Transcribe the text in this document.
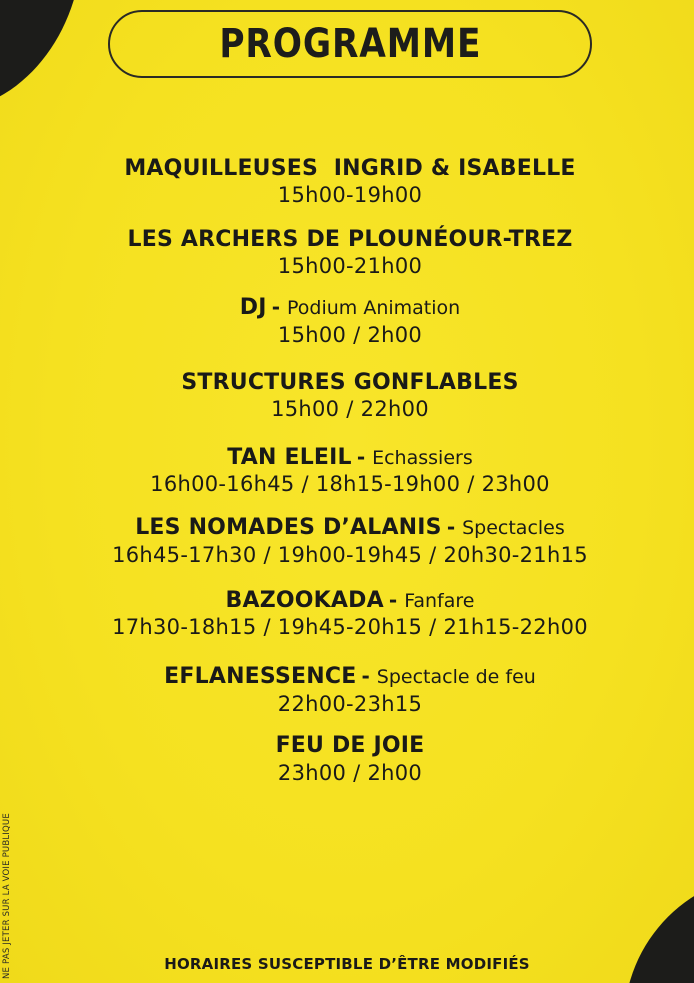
PROGRAMME
MAQUILLEUSES  INGRID & ISABELLE
15h00-19h00
LES ARCHERS DE PLOUNÉOUR-TREZ
15h00-21h00
DJ - Podium Animation
15h00 / 2h00
STRUCTURES GONFLABLES
15h00 / 22h00
TAN ELEIL - Echassiers
16h00-16h45 / 18h15-19h00 / 23h00
LES NOMADES D’ALANIS - Spectacles
16h45-17h30 / 19h00-19h45 / 20h30-21h15
BAZOOKADA - Fanfare
17h30-18h15 / 19h45-20h15 / 21h15-22h00
EFLANESSENCE - Spectacle de feu
22h00-23h15
FEU DE JOIE
23h00 / 2h00
NE PAS JETER SUR LA VOIE PUBLIQUE	HORAIRES SUSCEPTIBLE D’ÊTRE MODIFIÉS
